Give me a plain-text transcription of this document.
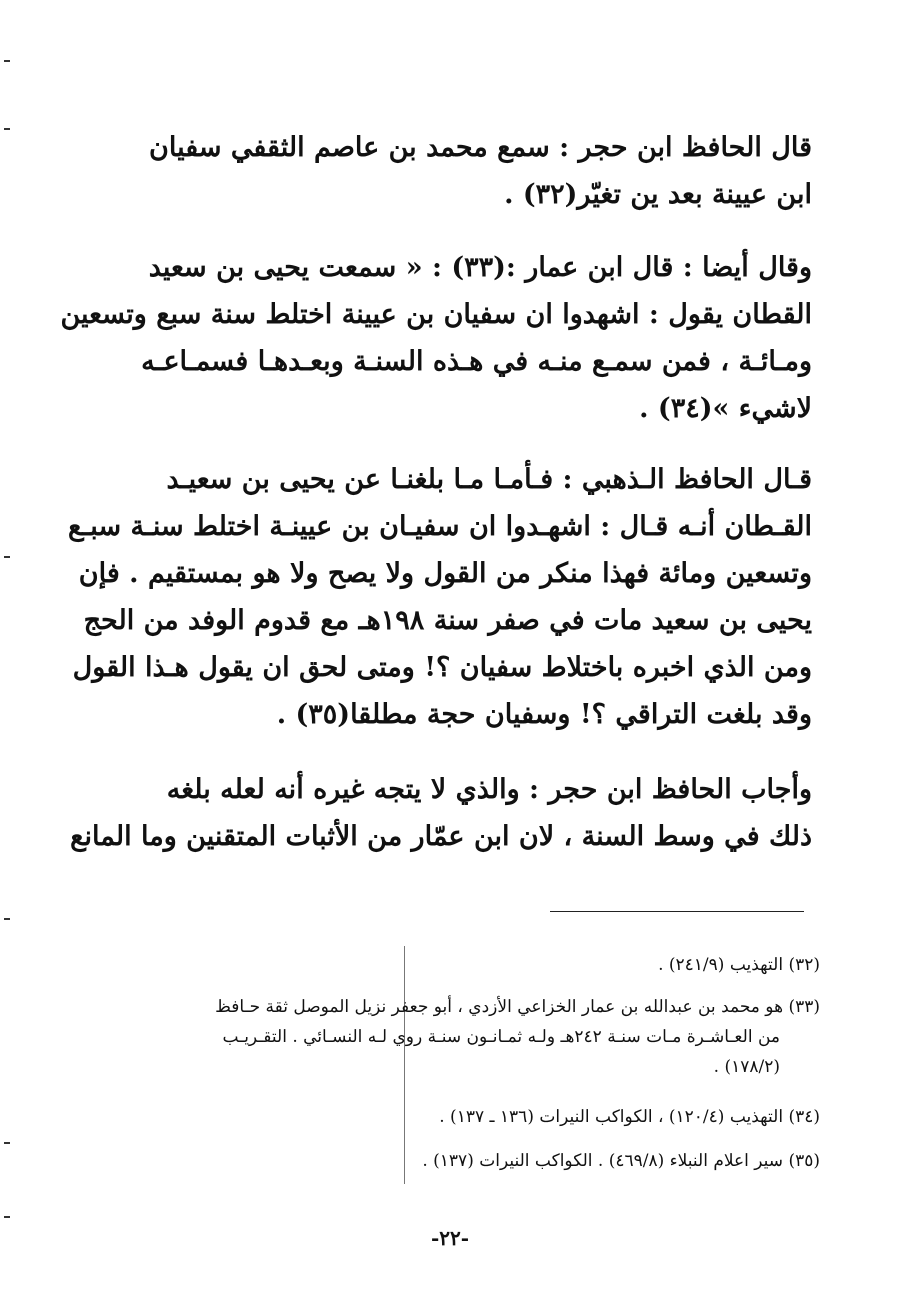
قال الحافظ ابن حجر : سمع محمد بن عاصم الثقفي سفيان
ابن عيينة بعد ين تغيّر(٣٢) .
وقال أيضا : قال ابن عمار :(٣٣) : « سمعت يحيى بن سعيد
القطان يقول : اشهدوا ان سفيان بن عيينة اختلط سنة سبع وتسعين
ومـائـة ، فمن سمـع منـه في هـذه السنـة وبعـدهـا فسمـاعـه
لاشيء »(٣٤) .
قـال الحافظ الـذهبي : فـأمـا مـا بلغنـا عن يحيى بن سعيـد
القـطان أنـه قـال : اشهـدوا ان سفيـان بن عيينـة اختلط سنـة سبـع
وتسعين ومائة فهذا منكر من القول ولا يصح ولا هو بمستقيم . فإن
يحيى بن سعيد مات في صفر سنة ١٩٨هـ مع قدوم الوفد من الحج
ومن الذي اخبره باختلاط سفيان ؟! ومتى لحق ان يقول هـذا القول
وقد بلغت التراقي ؟! وسفيان حجة مطلقا(٣٥) .
وأجاب الحافظ ابن حجر : والذي لا يتجه غيره أنه لعله بلغه
ذلك في وسط السنة ، لان ابن عمّار من الأثبات المتقنين وما المانع
(٣٢) التهذيب (٢٤١/٩) .
(٣٣) هو محمد بن عبدالله بن عمار الخزاعي الأزدي ، أبو جعفر نزيل الموصل ثقة حـافظ
من العـاشـرة مـات سنـة ٢٤٢هـ ولـه ثمـانـون سنـة روي لـه النسـائي . التقـريـب
(١٧٨/٢) .
(٣٤) التهذيب (١٢٠/٤) ، الكواكب النيرات (١٣٦ ـ ١٣٧) .
(٣٥) سير اعلام النبلاء (٤٦٩/٨) . الكواكب النيرات (١٣٧) .
-٢٢-
